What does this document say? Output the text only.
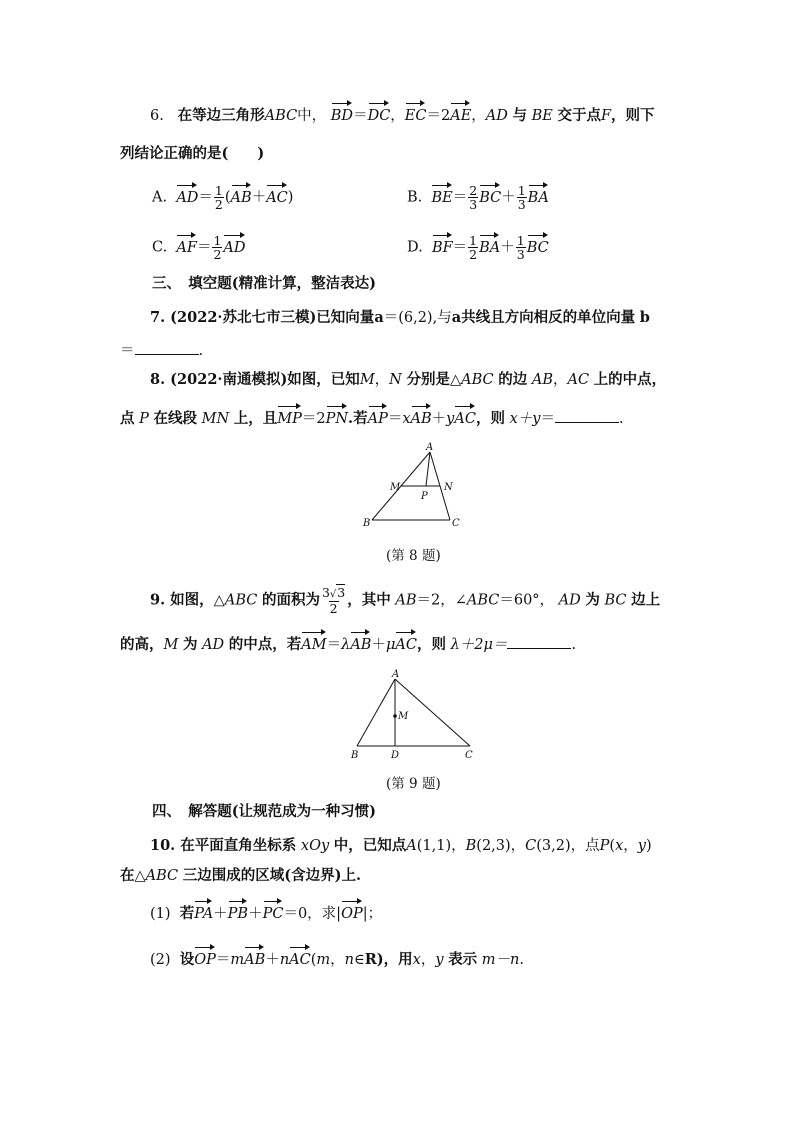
6. 在等边三角形ABC中， BD＝DC，EC＝2AE，AD 与 BE 交于点F，则下
列结论正确的是(　　)
A. $AD= \frac{1}{2} (AB+AC)$	B. $BE= \frac{2}{3} BC+ \frac{1}{3}$ BA
C. $AF= \frac{1}{2}$ AD	D. $BF= \frac{1}{2} BA+ \frac{1}{3}$ BC
三、　填空题(精准计算，整洁表达)
7. (2022·苏北七市三模)已知向量a＝(6,2),与a共线且方向相反的单位向量 b
＝	.
8. (2022·南通模拟)如图，已知M，N 分别是△ABC 的边 AB，AC 上的中点，
点 P 在线段 MN 上，且MP＝2PN.若AP＝xAB＋yAC，则 x＋y＝	.
A
B	C
M	N
P
(第 8 题)
9. 如图，△ABC 的面积为 $\frac{3√3}{2}$ ，其中 AB＝2，∠ABC＝60°， AD 为 BC 边上
的高，M 为 AD 的中点，若AM＝λAB＋μAC，则 λ＋2μ＝	.
A
B	C
D
M
(第 9 题)
四、　解答题(让规范成为一种习惯)
10. 在平面直角坐标系 xOy 中，已知点A(1,1)，B(2,3)，C(3,2)，点P(x，y)
在△ABC 三边围成的区域(含边界)上.
(1) 若PA＋PB＋PC＝0，求|OP|；
(2) 设OP＝mAB＋nAC(m，n∈R)，用x，y 表示 m－n.
